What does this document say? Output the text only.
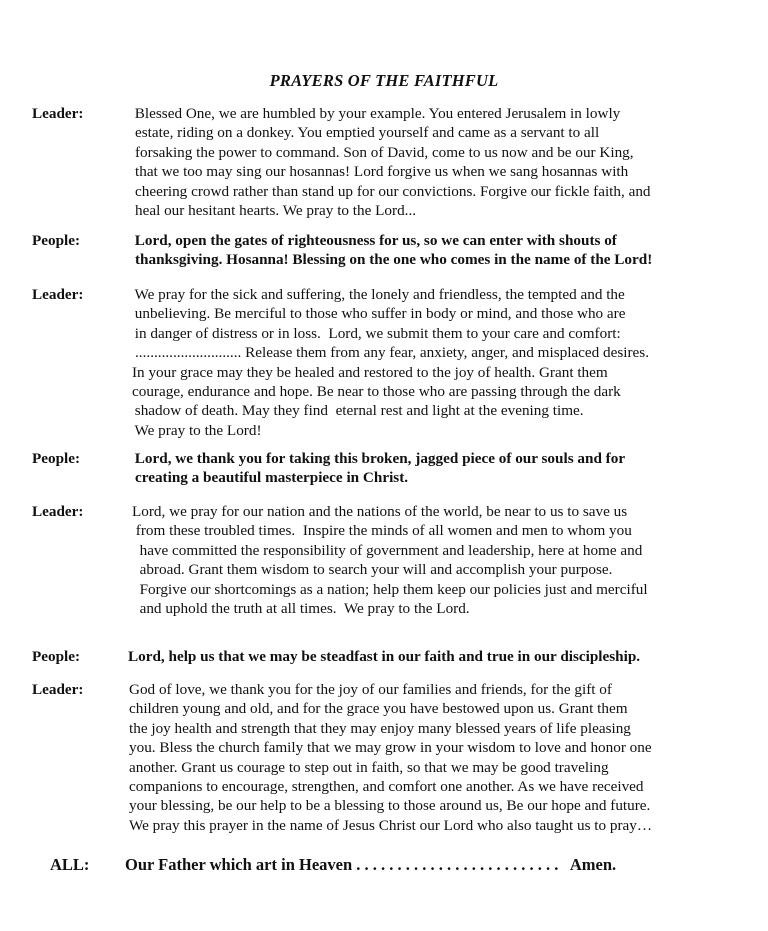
PRAYERS OF THE FAITHFUL
Leader:	Blessed One, we are humbled by your example. You entered Jerusalem in lowly
estate, riding on a donkey. You emptied yourself and came as a servant to all
forsaking the power to command. Son of David, come to us now and be our King,
that we too may sing our hosannas! Lord forgive us when we sang hosannas with
cheering crowd rather than stand up for our convictions. Forgive our fickle faith, and
heal our hesitant hearts. We pray to the Lord...
People:	Lord, open the gates of righteousness for us, so we can enter with shouts of
thanksgiving. Hosanna! Blessing on the one who comes in the name of the Lord!
Leader:	We pray for the sick and suffering, the lonely and friendless, the tempted and the
unbelieving. Be merciful to those who suffer in body or mind, and those who are
in danger of distress or in loss.  Lord, we submit them to your care and comfort:
............................ Release them from any fear, anxiety, anger, and misplaced desires.
In your grace may they be healed and restored to the joy of health. Grant them
courage, endurance and hope. Be near to those who are passing through the dark
shadow of death. May they find  eternal rest and light at the evening time.
We pray to the Lord!
People:	Lord, we thank you for taking this broken, jagged piece of our souls and for
creating a beautiful masterpiece in Christ.
Leader:	Lord, we pray for our nation and the nations of the world, be near to us to save us
from these troubled times.  Inspire the minds of all women and men to whom you
have committed the responsibility of government and leadership, here at home and
abroad. Grant them wisdom to search your will and accomplish your purpose.
Forgive our shortcomings as a nation; help them keep our policies just and merciful
and uphold the truth at all times.  We pray to the Lord.
People:	Lord, help us that we may be steadfast in our faith and true in our discipleship.
Leader:	God of love, we thank you for the joy of our families and friends, for the gift of
children young and old, and for the grace you have bestowed upon us. Grant them
the joy health and strength that they may enjoy many blessed years of life pleasing
you. Bless the church family that we may grow in your wisdom to love and honor one
another. Grant us courage to step out in faith, so that we may be good traveling
companions to encourage, strengthen, and comfort one another. As we have received
your blessing, be our help to be a blessing to those around us, Be our hope and future.
We pray this prayer in the name of Jesus Christ our Lord who also taught us to pray…
ALL: Our Father which art in Heaven . . . . . . . . . . . . . . . . . . . . . . . . .   Amen.
